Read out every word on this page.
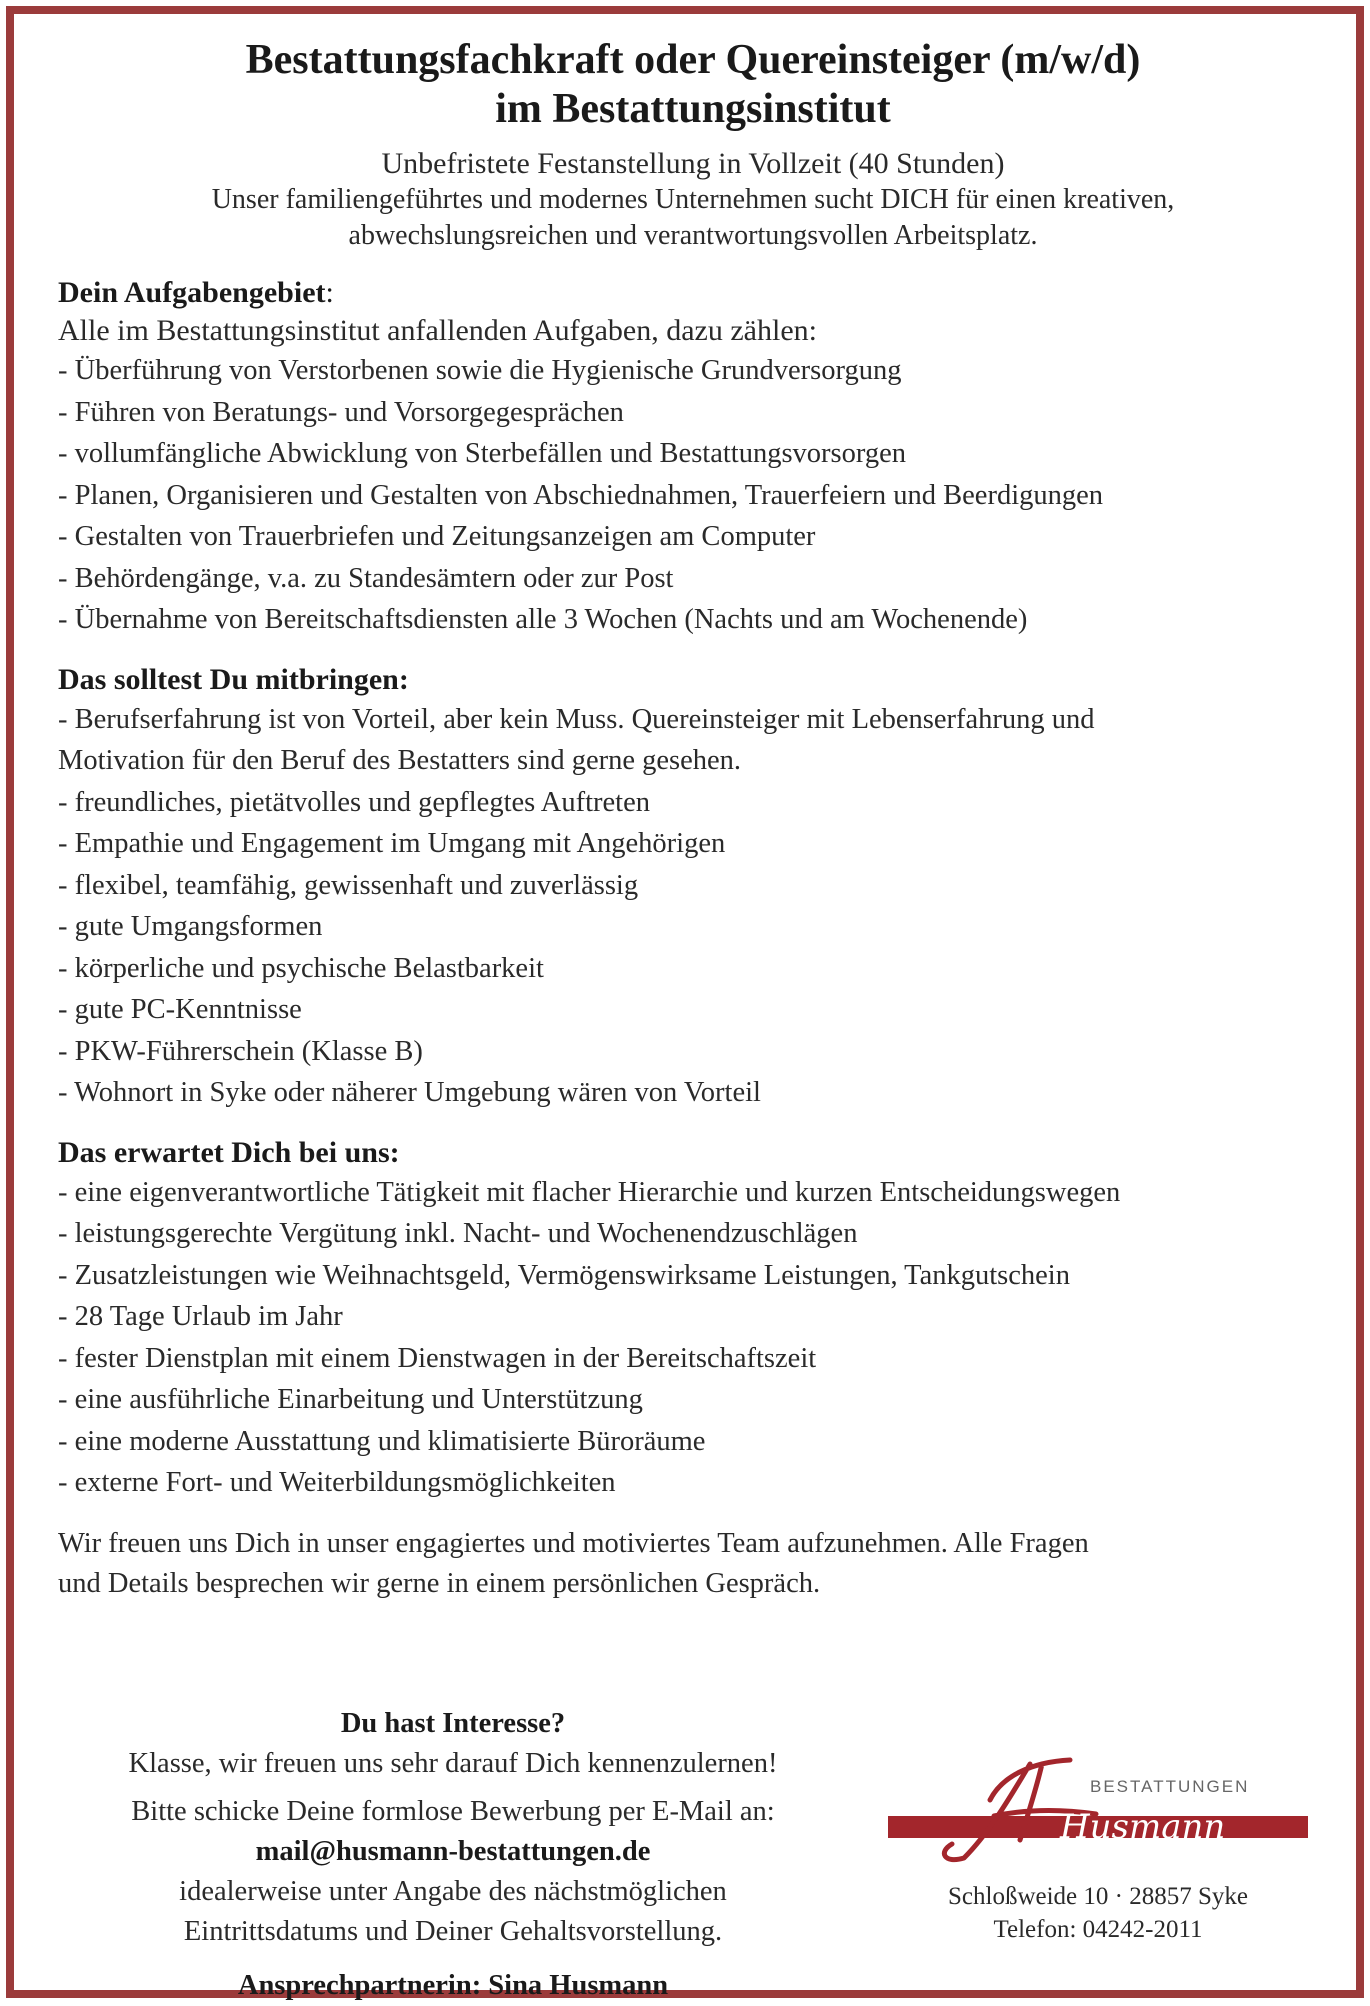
Bestattungsfachkraft oder Quereinsteiger (m/w/d)
im Bestattungsinstitut
Unbefristete Festanstellung in Vollzeit (40 Stunden)
Unser familiengeführtes und modernes Unternehmen sucht DICH für einen kreativen,
abwechslungsreichen und verantwortungsvollen Arbeitsplatz.
Dein Aufgabengebiet:
Alle im Bestattungsinstitut anfallenden Aufgaben, dazu zählen:
- Überführung von Verstorbenen sowie die Hygienische Grundversorgung
- Führen von Beratungs- und Vorsorgegesprächen
- vollumfängliche Abwicklung von Sterbefällen und Bestattungsvorsorgen
- Planen, Organisieren und Gestalten von Abschiednahmen, Trauerfeiern und Beerdigungen
- Gestalten von Trauerbriefen und Zeitungsanzeigen am Computer
- Behördengänge, v.a. zu Standesämtern oder zur Post
- Übernahme von Bereitschaftsdiensten alle 3 Wochen (Nachts und am Wochenende)
Das solltest Du mitbringen:
- Berufserfahrung ist von Vorteil, aber kein Muss. Quereinsteiger mit Lebenserfahrung und
Motivation für den Beruf des Bestatters sind gerne gesehen.
- freundliches, pietätvolles und gepflegtes Auftreten
- Empathie und Engagement im Umgang mit Angehörigen
- flexibel, teamfähig, gewissenhaft und zuverlässig
- gute Umgangsformen
- körperliche und psychische Belastbarkeit
- gute PC-Kenntnisse
- PKW-Führerschein (Klasse B)
- Wohnort in Syke oder näherer Umgebung wären von Vorteil
Das erwartet Dich bei uns:
- eine eigenverantwortliche Tätigkeit mit flacher Hierarchie und kurzen Entscheidungswegen
- leistungsgerechte Vergütung inkl. Nacht- und Wochenendzuschlägen
- Zusatzleistungen wie Weihnachtsgeld, Vermögenswirksame Leistungen, Tankgutschein
- 28 Tage Urlaub im Jahr
- fester Dienstplan mit einem Dienstwagen in der Bereitschaftszeit
- eine ausführliche Einarbeitung und Unterstützung
- eine moderne Ausstattung und klimatisierte Büroräume
- externe Fort- und Weiterbildungsmöglichkeiten
Wir freuen uns Dich in unser engagiertes und motiviertes Team aufzunehmen. Alle Fragen
und Details besprechen wir gerne in einem persönlichen Gespräch.
Du hast Interesse?
Klasse, wir freuen uns sehr darauf Dich kennenzulernen!
Bitte schicke Deine formlose Bewerbung per E-Mail an:
mail@husmann-bestattungen.de
idealerweise unter Angabe des nächstmöglichen
Eintrittsdatums und Deiner Gehaltsvorstellung.
Ansprechpartnerin: Sina Husmann
BESTATTUNGEN
Husmann
Schloßweide 10 · 28857 Syke
Telefon: 04242-2011
